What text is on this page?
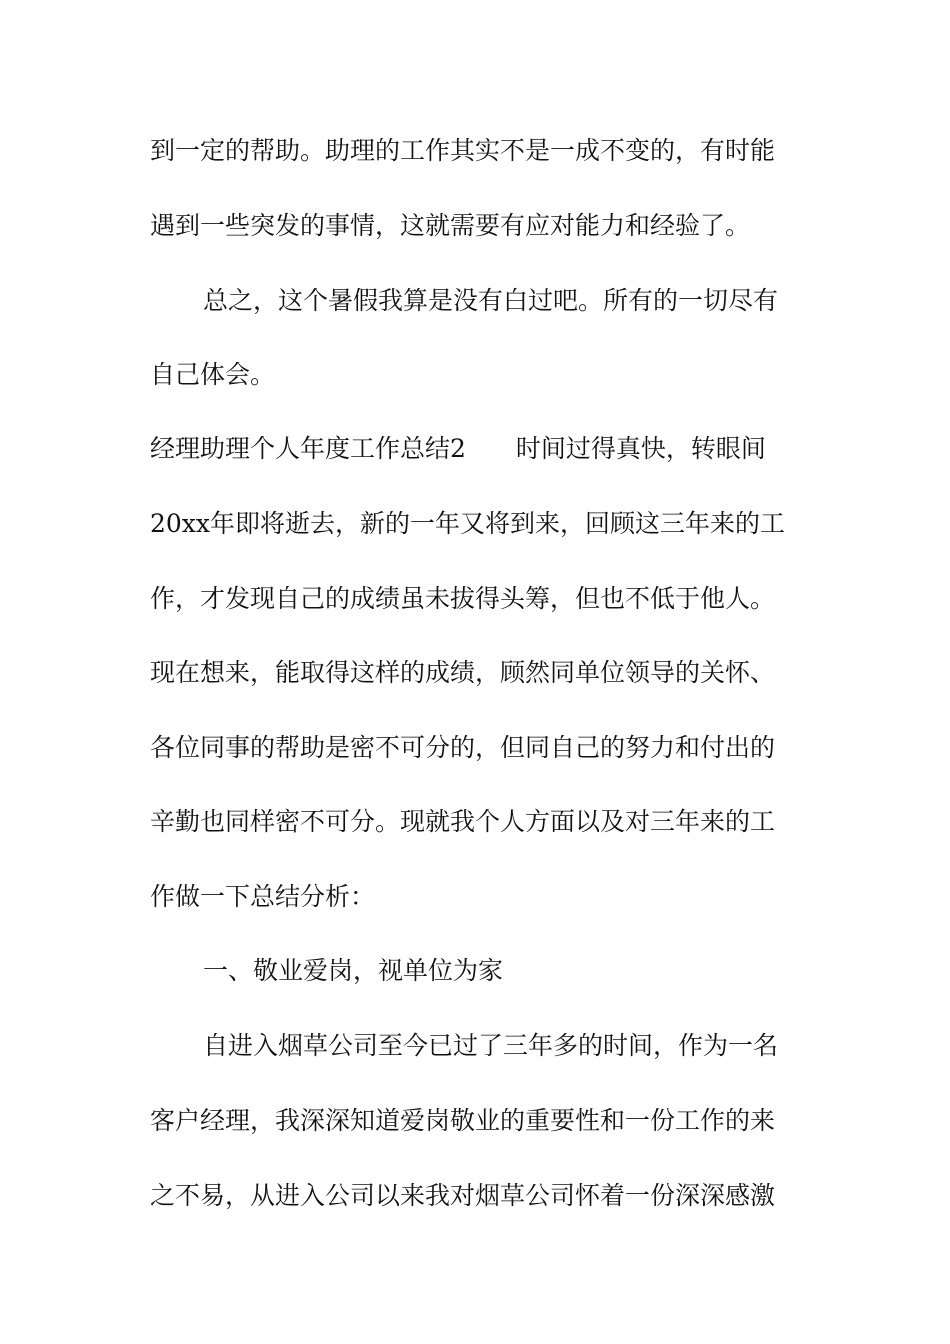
到一定的帮助。助理的工作其实不是一成不变的，有时能
遇到一些突发的事情，这就需要有应对能力和经验了。
总之，这个暑假我算是没有白过吧。所有的一切尽有
自己体会。
经理助理个人年度工作总结2　　时间过得真快，转眼间
20xx年即将逝去，新的一年又将到来，回顾这三年来的工
作，才发现自己的成绩虽未拔得头筹，但也不低于他人。
现在想来，能取得这样的成绩，顾然同单位领导的关怀、
各位同事的帮助是密不可分的，但同自己的努力和付出的
辛勤也同样密不可分。现就我个人方面以及对三年来的工
作做一下总结分析：
一、敬业爱岗，视单位为家
自进入烟草公司至今已过了三年多的时间，作为一名
客户经理，我深深知道爱岗敬业的重要性和一份工作的来
之不易，从进入公司以来我对烟草公司怀着一份深深感激
